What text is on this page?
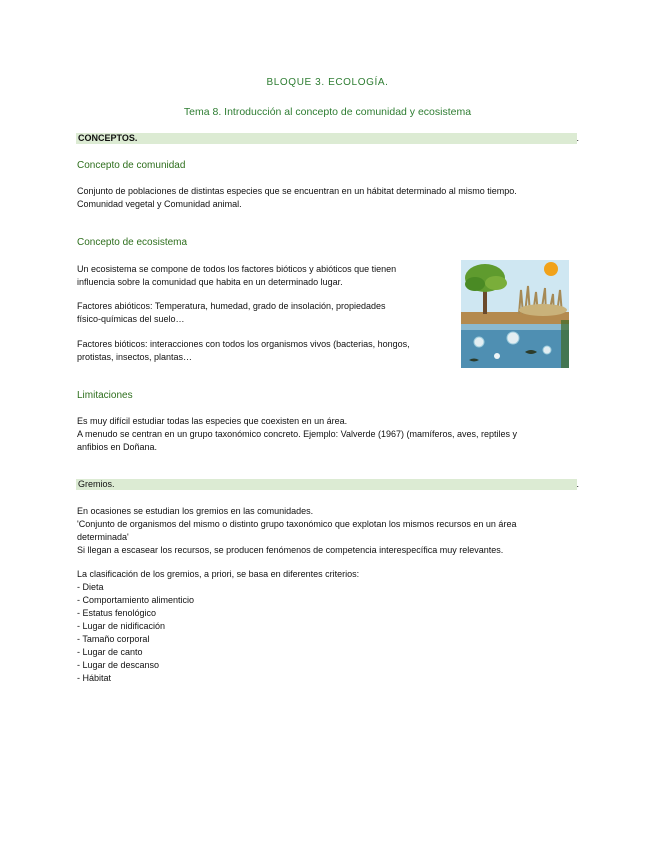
BLOQUE 3. ECOLOGÍA.
Tema 8. Introducción al concepto de comunidad y ecosistema
CONCEPTOS.	.
Concepto de comunidad

Conjunto de poblaciones de distintas especies que se encuentran en un hábitat determinado al mismo tiempo.

Comunidad vegetal y Comunidad animal.

Concepto de ecosistema

Un ecosistema se compone de todos los factores bióticos y abióticos que tienen

influencia sobre la comunidad que habita en un determinado lugar.

Factores abióticos: Temperatura, humedad, grado de insolación, propiedades

físico-químicas del suelo…

Factores bióticos: interacciones con todos los organismos vivos (bacterias, hongos,

protistas, insectos, plantas…

Limitaciones

Es muy difícil estudiar todas las especies que coexisten en un área.

A menudo se centran en un grupo taxonómico concreto. Ejemplo: Valverde (1967) (mamíferos, aves, reptiles y

anfibios en Doñana.

Gremios.	.

En ocasiones se estudian los gremios en las comunidades.

'Conjunto de organismos del mismo o distinto grupo taxonómico que explotan los mismos recursos en un área

determinada'

Si llegan a escasear los recursos, se producen fenómenos de competencia interespecífica muy relevantes.

La clasificación de los gremios, a priori, se basa en diferentes criterios:

- Dieta
- Comportamiento alimenticio
- Estatus fenológico
- Lugar de nidificación
- Tamaño corporal
- Lugar de canto
- Lugar de descanso
- Hábitat
